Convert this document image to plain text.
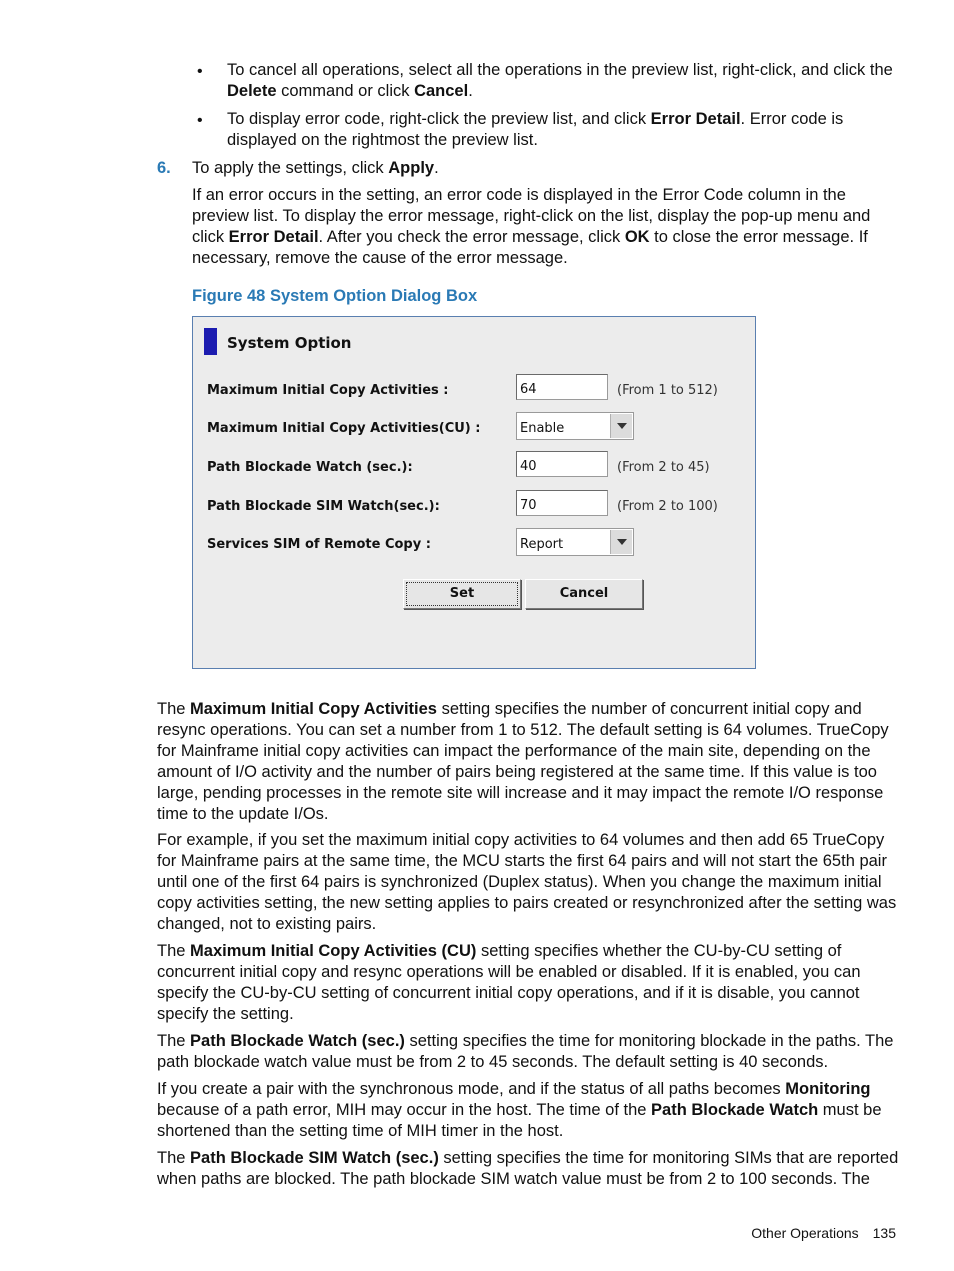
• To cancel all operations, select all the operations in the preview list, right-click, and click the Delete command or click Cancel.

• To display error code, right-click the preview list, and click Error Detail. Error code is displayed on the rightmost the preview list.

6. To apply the settings, click Apply.

If an error occurs in the setting, an error code is displayed in the Error Code column in the preview list. To display the error message, right-click on the list, display the pop-up menu and click Error Detail. After you check the error message, click OK to close the error message. If necessary, remove the cause of the error message.

Figure 48 System Option Dialog Box
System Option
Maximum Initial Copy Activities :	64	(From 1 to 512)
Maximum Initial Copy Activities(CU) :	Enable
Path Blockade Watch (sec.):	40	(From 2 to 45)
Path Blockade SIM Watch(sec.):	70	(From 2 to 100)
Services SIM of Remote Copy :	Report
Set	Cancel

The Maximum Initial Copy Activities setting specifies the number of concurrent initial copy and resync operations. You can set a number from 1 to 512. The default setting is 64 volumes. TrueCopy for Mainframe initial copy activities can impact the performance of the main site, depending on the amount of I/O activity and the number of pairs being registered at the same time. If this value is too large, pending processes in the remote site will increase and it may impact the remote I/O response time to the update I/Os.

For example, if you set the maximum initial copy activities to 64 volumes and then add 65 TrueCopy for Mainframe pairs at the same time, the MCU starts the first 64 pairs and will not start the 65th pair until one of the first 64 pairs is synchronized (Duplex status). When you change the maximum initial copy activities setting, the new setting applies to pairs created or resynchronized after the setting was changed, not to existing pairs.

The Maximum Initial Copy Activities (CU) setting specifies whether the CU-by-CU setting of concurrent initial copy and resync operations will be enabled or disabled. If it is enabled, you can specify the CU-by-CU setting of concurrent initial copy operations, and if it is disable, you cannot specify the setting.

The Path Blockade Watch (sec.) setting specifies the time for monitoring blockade in the paths. The path blockade watch value must be from 2 to 45 seconds. The default setting is 40 seconds.

If you create a pair with the synchronous mode, and if the status of all paths becomes Monitoring because of a path error, MIH may occur in the host. The time of the Path Blockade Watch must be shortened than the setting time of MIH timer in the host.

The Path Blockade SIM Watch (sec.) setting specifies the time for monitoring SIMs that are reported when paths are blocked. The path blockade SIM watch value must be from 2 to 100 seconds. The

Other Operations 135
